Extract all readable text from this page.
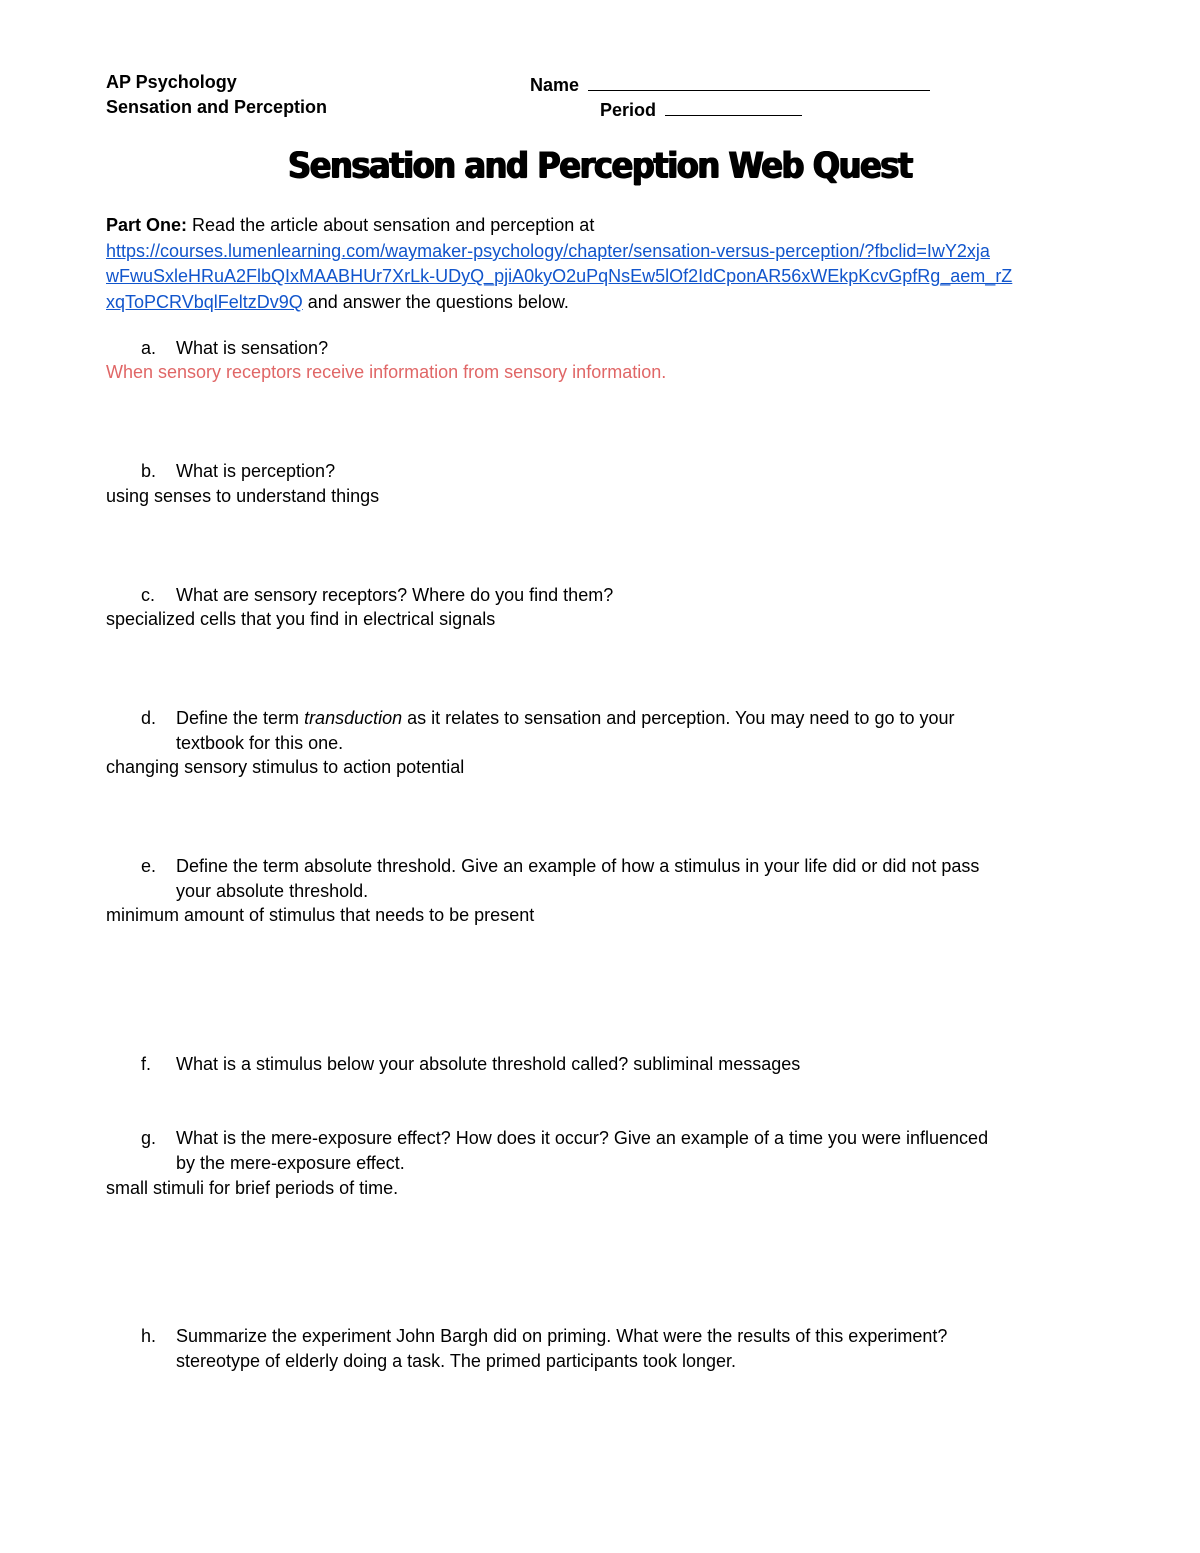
AP Psychology
Sensation and Perception
Name
Period
Sensation and Perception Web Quest
Part One: Read the article about sensation and perception at
https://courses.lumenlearning.com/waymaker-psychology/chapter/sensation-versus-perception/?fbclid=IwY2xja
wFwuSxleHRuA2FlbQIxMAABHUr7XrLk-UDyQ_pjiA0kyO2uPqNsEw5lOf2IdCponAR56xWEkpKcvGpfRg_aem_rZ
xqToPCRVbqlFeltzDv9Q and answer the questions below.
a. What is sensation?
When sensory receptors receive information from sensory information.
b. What is perception?
using senses to understand things
c. What are sensory receptors? Where do you find them?
specialized cells that you find in electrical signals
d. Define the term transduction as it relates to sensation and perception. You may need to go to your
textbook for this one.
changing sensory stimulus to action potential
e. Define the term absolute threshold. Give an example of how a stimulus in your life did or did not pass
your absolute threshold.
minimum amount of stimulus that needs to be present
f. What is a stimulus below your absolute threshold called? subliminal messages
g. What is the mere-exposure effect? How does it occur? Give an example of a time you were influenced
by the mere-exposure effect.
small stimuli for brief periods of time.
h. Summarize the experiment John Bargh did on priming. What were the results of this experiment?
stereotype of elderly doing a task. The primed participants took longer.
